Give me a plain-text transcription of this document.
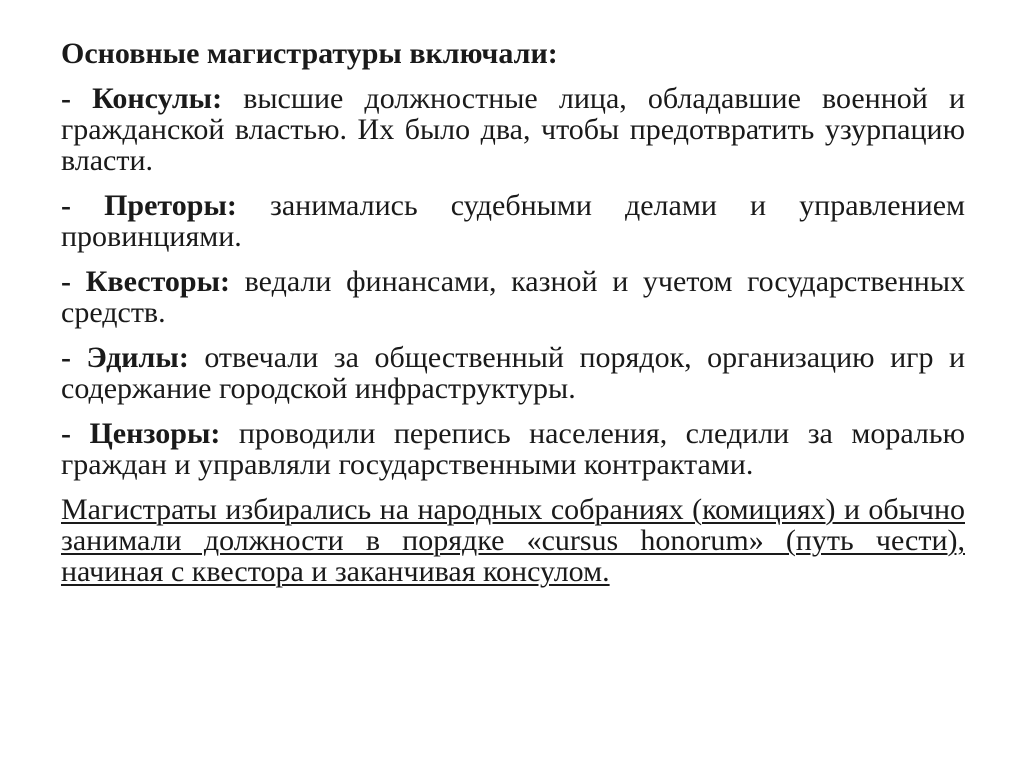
Основные магистратуры включали:
- Консулы: высшие должностные лица, обладавшие военной и гражданской властью. Их было два, чтобы предотвратить узурпацию власти.
- Преторы: занимались судебными делами и управлением провинциями.
- Квесторы: ведали финансами, казной и учетом государственных средств.
- Эдилы: отвечали за общественный порядок, организацию игр и содержание городской инфраструктуры.
- Цензоры: проводили перепись населения, следили за моралью граждан и управляли государственными контрактами.
Магистраты избирались на народных собраниях (комициях) и обычно занимали должности в порядке «cursus honorum» (путь чести), начиная с квестора и заканчивая консулом.
